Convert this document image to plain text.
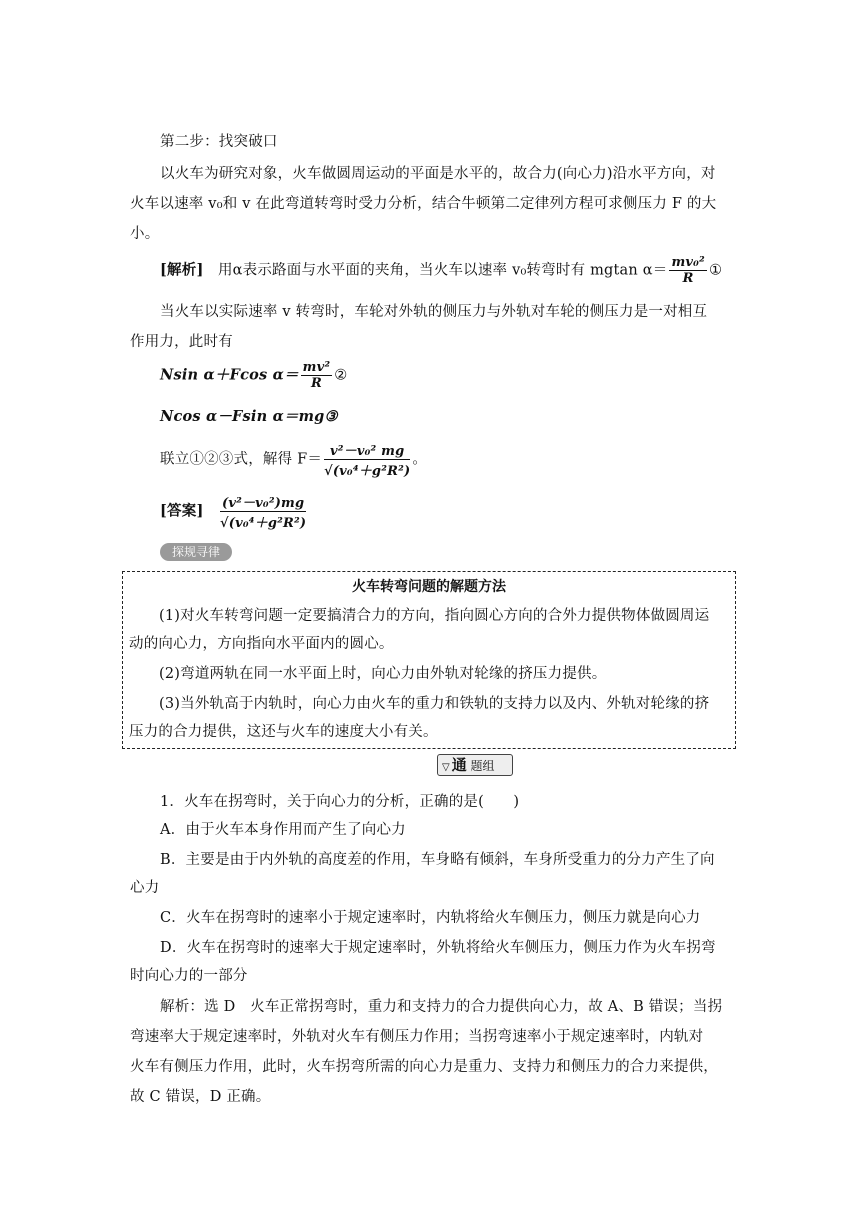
第二步：找突破口
以火车为研究对象，火车做圆周运动的平面是水平的，故合力(向心力)沿水平方向，对
火车以速率 v₀和 v 在此弯道转弯时受力分析，结合牛顿第二定律列方程可求侧压力 F 的大
小。
[解析] 用α表示路面与水平面的夹角，当火车以速率 v₀转弯时有 mgtan $\alpha= \frac{\text{mv₀²}}{R}$ ①
当火车以实际速率 v 转弯时，车轮对外轨的侧压力与外轨对车轮的侧压力是一对相互
作用力，此时有
Nsin α＋Fcos $\alpha= \frac{\text{mv²}}{R}$ ②
Ncos α－Fsin α＝mg③
联立①②③式，解得 $F= \frac{\text{v²－v₀² mg}}{\text{√(v₀⁴＋g²R²)}}$ 。
[答案] $\frac{\text{(v²－v₀²)mg}}{\text{√(v₀⁴＋g²R²)}}$
探规寻律
火车转弯问题的解题方法
(1)对火车转弯问题一定要搞清合力的方向，指向圆心方向的合外力提供物体做圆周运
动的向心力，方向指向水平面内的圆心。
(2)弯道两轨在同一水平面上时，向心力由外轨对轮缘的挤压力提供。
(3)当外轨高于内轨时，向心力由火车的重力和铁轨的支持力以及内、外轨对轮缘的挤
压力的合力提供，这还与火车的速度大小有关。
▽ 通 题组
1．火车在拐弯时，关于向心力的分析，正确的是(　　)
A．由于火车本身作用而产生了向心力
B．主要是由于内外轨的高度差的作用，车身略有倾斜，车身所受重力的分力产生了向
心力
C．火车在拐弯时的速率小于规定速率时，内轨将给火车侧压力，侧压力就是向心力
D．火车在拐弯时的速率大于规定速率时，外轨将给火车侧压力，侧压力作为火车拐弯
时向心力的一部分
解析：选 D　火车正常拐弯时，重力和支持力的合力提供向心力，故 A、B 错误；当拐
弯速率大于规定速率时，外轨对火车有侧压力作用；当拐弯速率小于规定速率时，内轨对
火车有侧压力作用，此时，火车拐弯所需的向心力是重力、支持力和侧压力的合力来提供，
故 C 错误，D 正确。
